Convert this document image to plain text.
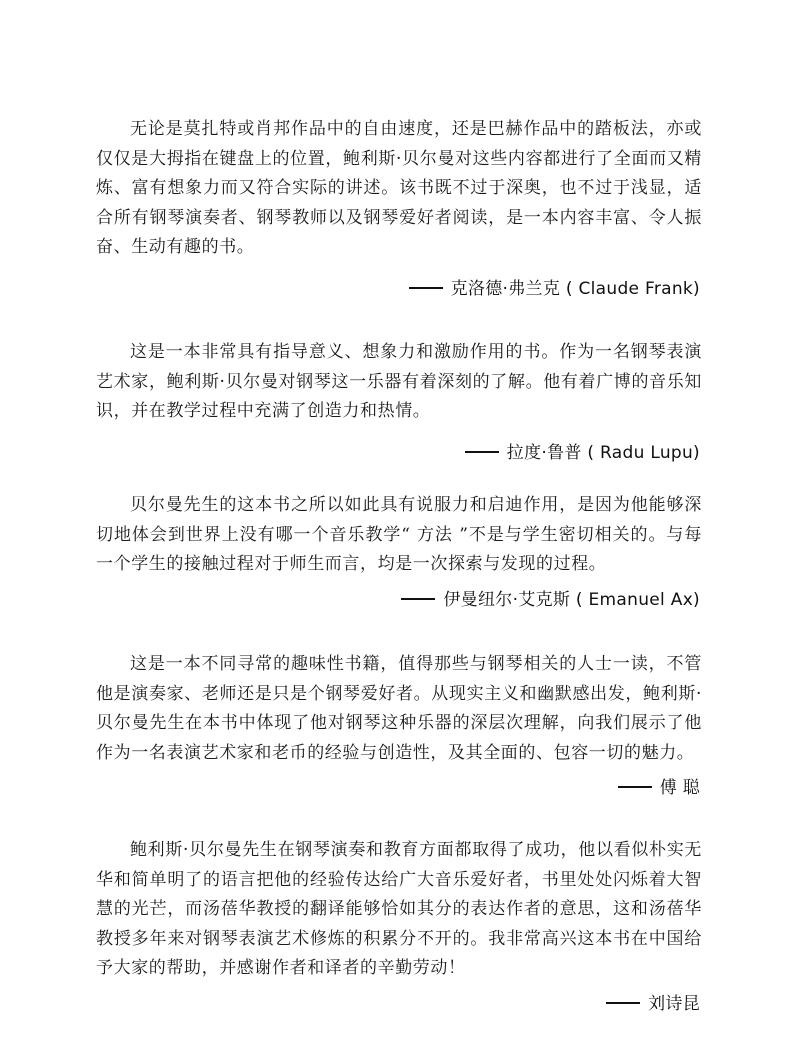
无论是莫扎特或肖邦作品中的自由速度，还是巴赫作品中的踏板法，亦或仅仅是大拇指在键盘上的位置，鲍利斯·贝尔曼对这些内容都进行了全面而又精炼、富有想象力而又符合实际的讲述。该书既不过于深奥，也不过于浅显，适合所有钢琴演奏者、钢琴教师以及钢琴爱好者阅读，是一本内容丰富、令人振奋、生动有趣的书。

克洛德·弗兰克 ( Claude Frank)

这是一本非常具有指导意义、想象力和激励作用的书。作为一名钢琴表演艺术家，鲍利斯·贝尔曼对钢琴这一乐器有着深刻的了解。他有着广博的音乐知识，并在教学过程中充满了创造力和热情。

拉度·鲁普 ( Radu Lupu)

贝尔曼先生的这本书之所以如此具有说服力和启迪作用，是因为他能够深切地体会到世界上没有哪一个音乐教学“ 方法 ”不是与学生密切相关的。与每一个学生的接触过程对于师生而言，均是一次探索与发现的过程。

伊曼纽尔·艾克斯 ( Emanuel Ax)

这是一本不同寻常的趣味性书籍，值得那些与钢琴相关的人士一读，不管他是演奏家、老师还是只是个钢琴爱好者。从现实主义和幽默感出发，鲍利斯·贝尔曼先生在本书中体现了他对钢琴这种乐器的深层次理解，向我们展示了他作为一名表演艺术家和老币的经验与创造性，及其全面的、包容一切的魅力。

傅 聪

鲍利斯·贝尔曼先生在钢琴演奏和教育方面都取得了成功，他以看似朴实无华和简单明了的语言把他的经验传达给广大音乐爱好者，书里处处闪烁着大智慧的光芒，而汤蓓华教授的翻译能够恰如其分的表达作者的意思，这和汤蓓华教授多年来对钢琴表演艺术修炼的积累分不开的。我非常高兴这本书在中国给予大家的帮助，并感谢作者和译者的辛勤劳动！

刘诗昆
